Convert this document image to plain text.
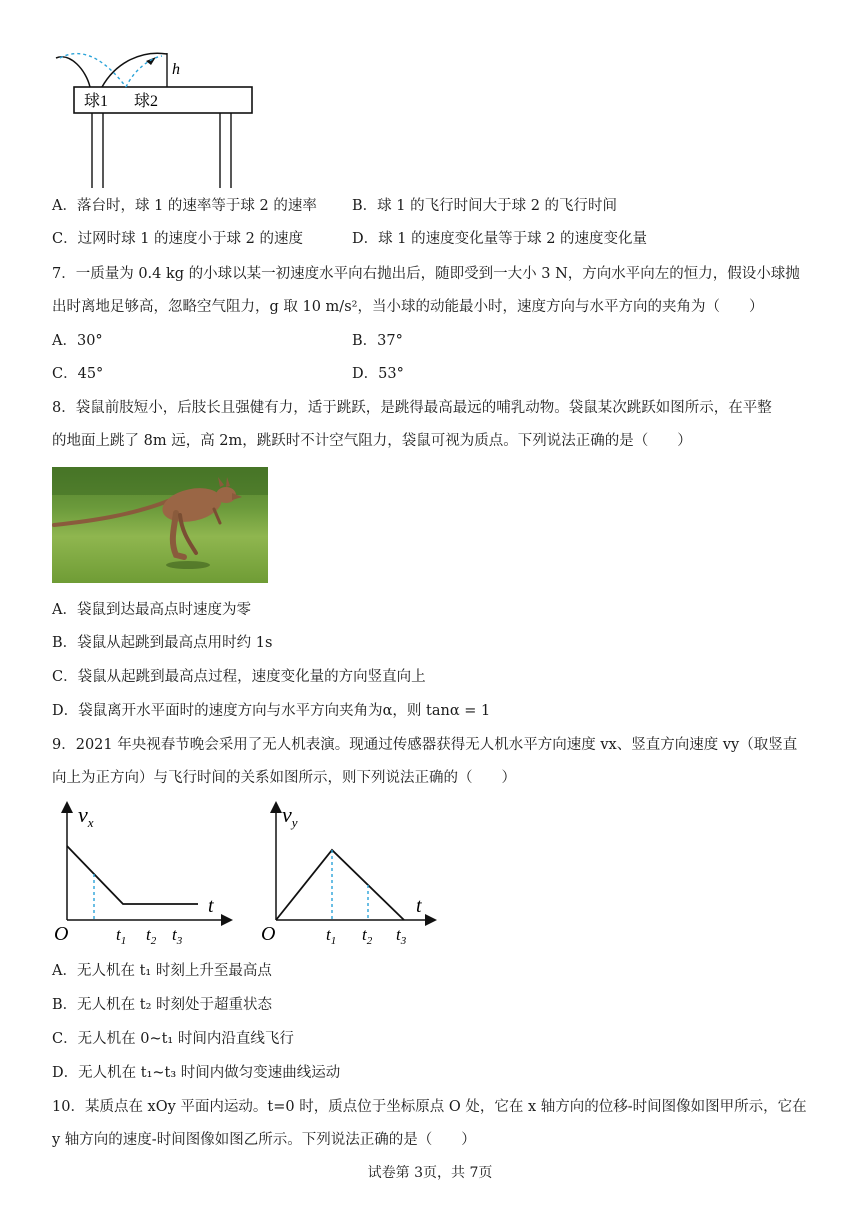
h
球1 球2
A．落台时，球 1 的速率等于球 2 的速率 B．球 1 的飞行时间大于球 2 的飞行时间
C．过网时球 1 的速度小于球 2 的速度	D．球 1 的速度变化量等于球 2 的速度变化量
7．一质量为 0.4 kg 的小球以某一初速度水平向右抛出后，随即受到一大小 3 N，方向水平向左的恒力，假设小球抛
出时离地足够高，忽略空气阻力，g 取 10 m/s²，当小球的动能最小时，速度方向与水平方向的夹角为（　　）
A．30°	B．37°
C．45°	D．53°
8．袋鼠前肢短小，后肢长且强健有力，适于跳跃，是跳得最高最远的哺乳动物。袋鼠某次跳跃如图所示，在平整
的地面上跳了 8m 远，高 2m，跳跃时不计空气阻力，袋鼠可视为质点。下列说法正确的是（　　）
A．袋鼠到达最高点时速度为零
B．袋鼠从起跳到最高点用时约 1s
C．袋鼠从起跳到最高点过程，速度变化量的方向竖直向上
D．袋鼠离开水平面时的速度方向与水平方向夹角为α，则 tanα = 1
9．2021 年央视春节晚会采用了无人机表演。现通过传感器获得无人机水平方向速度 vx、竖直方向速度 vy（取竖直
向上为正方向）与飞行时间的关系如图所示，则下列说法正确的（　　）
$v_x$
t
O	$t_1$ $t_2$ $t_3$
$v_y$
t
O	$t_1$ $t_2$ $t_3$
A．无人机在 t₁ 时刻上升至最高点
B．无人机在 t₂ 时刻处于超重状态
C．无人机在 0~t₁ 时间内沿直线飞行
D．无人机在 t₁~t₃ 时间内做匀变速曲线运动
10．某质点在 xOy 平面内运动。t=0 时，质点位于坐标原点 O 处，它在 x 轴方向的位移-时间图像如图甲所示，它在
y 轴方向的速度-时间图像如图乙所示。下列说法正确的是（　　）
试卷第 3页，共 7页
